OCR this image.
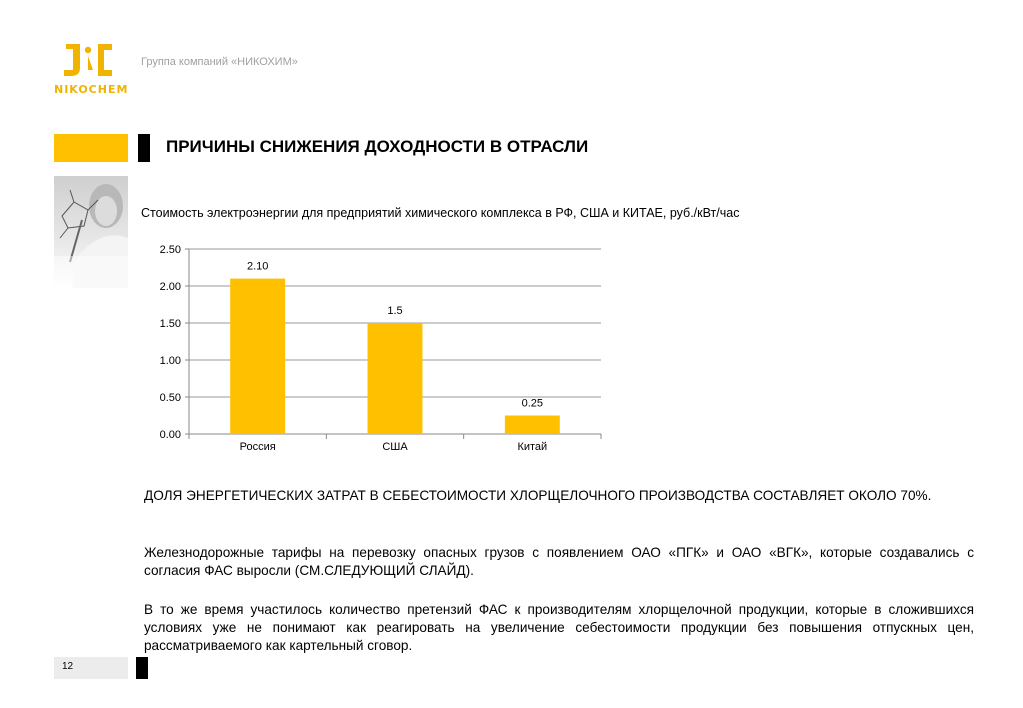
NIKOCHEM
Группа компаний «НИКОХИМ»
ПРИЧИНЫ СНИЖЕНИЯ ДОХОДНОСТИ В ОТРАСЛИ
Стоимость электроэнергии для предприятий химического комплекса в РФ, США и КИТАЕ, руб./кВт/час
0.00
0.50
1.00
1.50
2.00
2.50
2.10
Россия
1.5
США
0.25
Китай
ДОЛЯ ЭНЕРГЕТИЧЕСКИХ ЗАТРАТ В СЕБЕСТОИМОСТИ ХЛОРЩЕЛОЧНОГО ПРОИЗВОДСТВА СОСТАВЛЯЕТ ОКОЛО 70%.
Железнодорожные тарифы на перевозку опасных грузов с появлением ОАО «ПГК» и ОАО «ВГК», которые создавались с согласия ФАС выросли (СМ.СЛЕДУЮЩИЙ СЛАЙД).
В то же время участилось количество претензий ФАС к производителям хлорщелочной продукции, которые в сложившихся условиях уже не понимают как реагировать на увеличение себестоимости продукции без повышения отпускных цен, рассматриваемого как картельный сговор.
12
